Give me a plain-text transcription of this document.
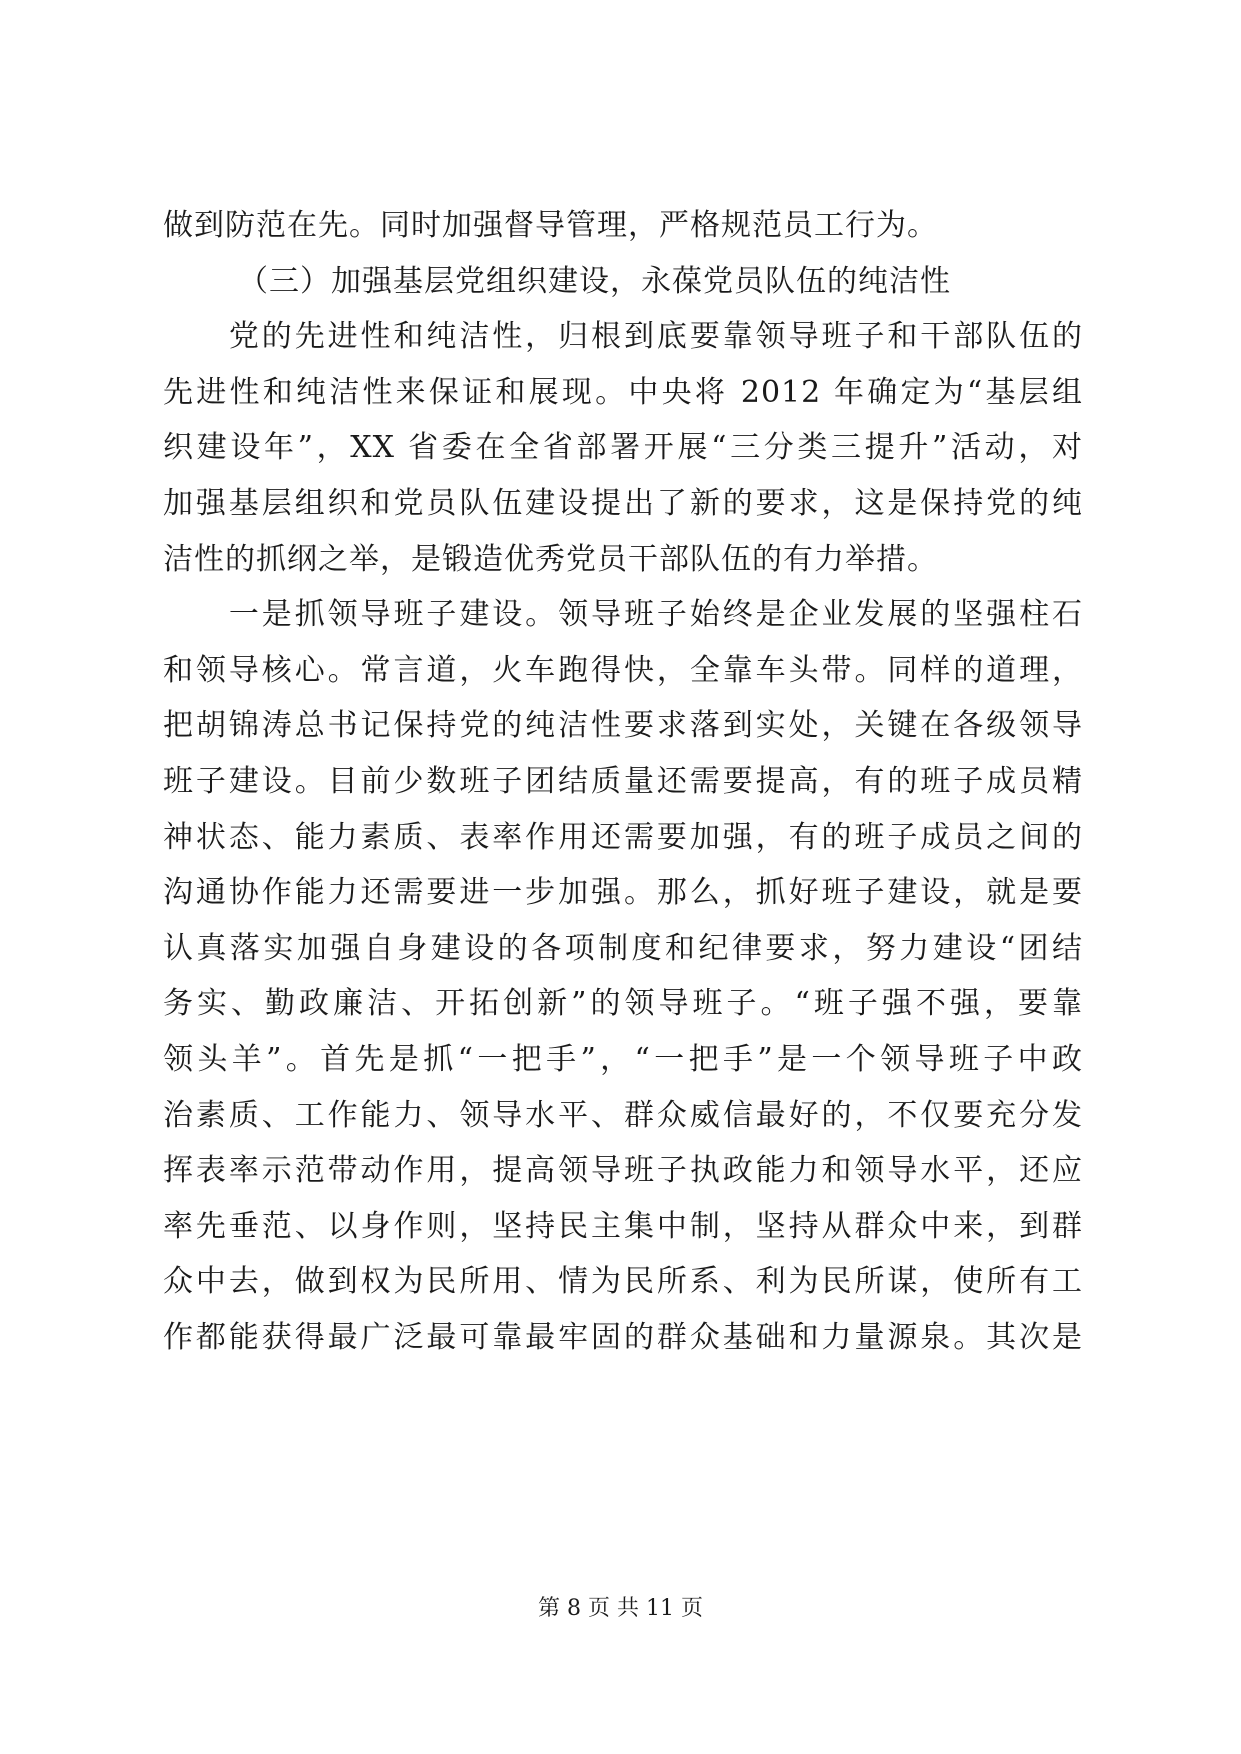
做到防范在先。同时加强督导管理，严格规范员工行为。
（三）加强基层党组织建设，永葆党员队伍的纯洁性
　　党的先进性和纯洁性，归根到底要靠领导班子和干部队伍的
先进性和纯洁性来保证和展现。中央将 2012 年确定为“基层组
织建设年”，XX 省委在全省部署开展“三分类三提升”活动，对
加强基层组织和党员队伍建设提出了新的要求，这是保持党的纯
洁性的抓纲之举，是锻造优秀党员干部队伍的有力举措。
　　一是抓领导班子建设。领导班子始终是企业发展的坚强柱石
和领导核心。常言道，火车跑得快，全靠车头带。同样的道理，
把胡锦涛总书记保持党的纯洁性要求落到实处，关键在各级领导
班子建设。目前少数班子团结质量还需要提高，有的班子成员精
神状态、能力素质、表率作用还需要加强，有的班子成员之间的
沟通协作能力还需要进一步加强。那么，抓好班子建设，就是要
认真落实加强自身建设的各项制度和纪律要求，努力建设“团结
务实、勤政廉洁、开拓创新”的领导班子。“班子强不强，要靠
领头羊”。首先是抓“一把手”，“一把手”是一个领导班子中政
治素质、工作能力、领导水平、群众威信最好的，不仅要充分发
挥表率示范带动作用，提高领导班子执政能力和领导水平，还应
率先垂范、以身作则，坚持民主集中制，坚持从群众中来，到群
众中去，做到权为民所用、情为民所系、利为民所谋，使所有工
作都能获得最广泛最可靠最牢固的群众基础和力量源泉。其次是
第 8 页 共 11 页
